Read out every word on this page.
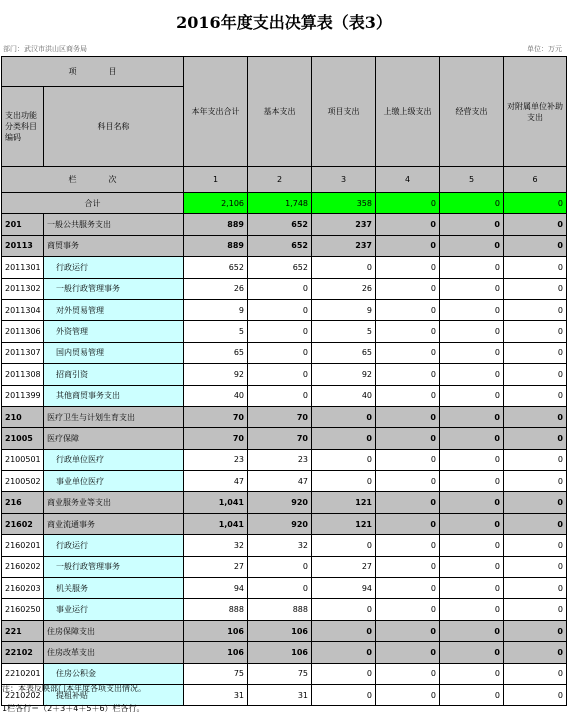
2016年度支出决算表（表3）
部门：武汉市洪山区商务局	单位：万元
项　　　　目		本年支出合计	基本支出	项目支出	上缴上级支出	经营支出	对附属单位补助支出
支出功能分类科目编码	科目名称						
栏　　　　次		1	2	3	4	5	6
合计		2,106	1,748	358	0	0	0
201	一般公共服务支出	889	652	237	0	0	0
20113	商贸事务	889	652	237	0	0	0
2011301	行政运行	652	652	0	0	0	0
2011302	一般行政管理事务	26	0	26	0	0	0
2011304	对外贸易管理	9	0	9	0	0	0
2011306	外资管理	5	0	5	0	0	0
2011307	国内贸易管理	65	0	65	0	0	0
2011308	招商引资	92	0	92	0	0	0
2011399	其他商贸事务支出	40	0	40	0	0	0
210	医疗卫生与计划生育支出	70	70	0	0	0	0
21005	医疗保障	70	70	0	0	0	0
2100501	行政单位医疗	23	23	0	0	0	0
2100502	事业单位医疗	47	47	0	0	0	0
216	商业服务业等支出	1,041	920	121	0	0	0
21602	商业流通事务	1,041	920	121	0	0	0
2160201	行政运行	32	32	0	0	0	0
2160202	一般行政管理事务	27	0	27	0	0	0
2160203	机关服务	94	0	94	0	0	0
2160250	事业运行	888	888	0	0	0	0
221	住房保障支出	106	106	0	0	0	0
22102	住房改革支出	106	106	0	0	0	0
2210201	住房公积金	75	75	0	0	0	0
2210202	提租补贴	31	31	0	0	0	0
注：本表反映部门本年度各项支出情况。
1栏各行＝（2＋3＋4＋5＋6）栏各行。
